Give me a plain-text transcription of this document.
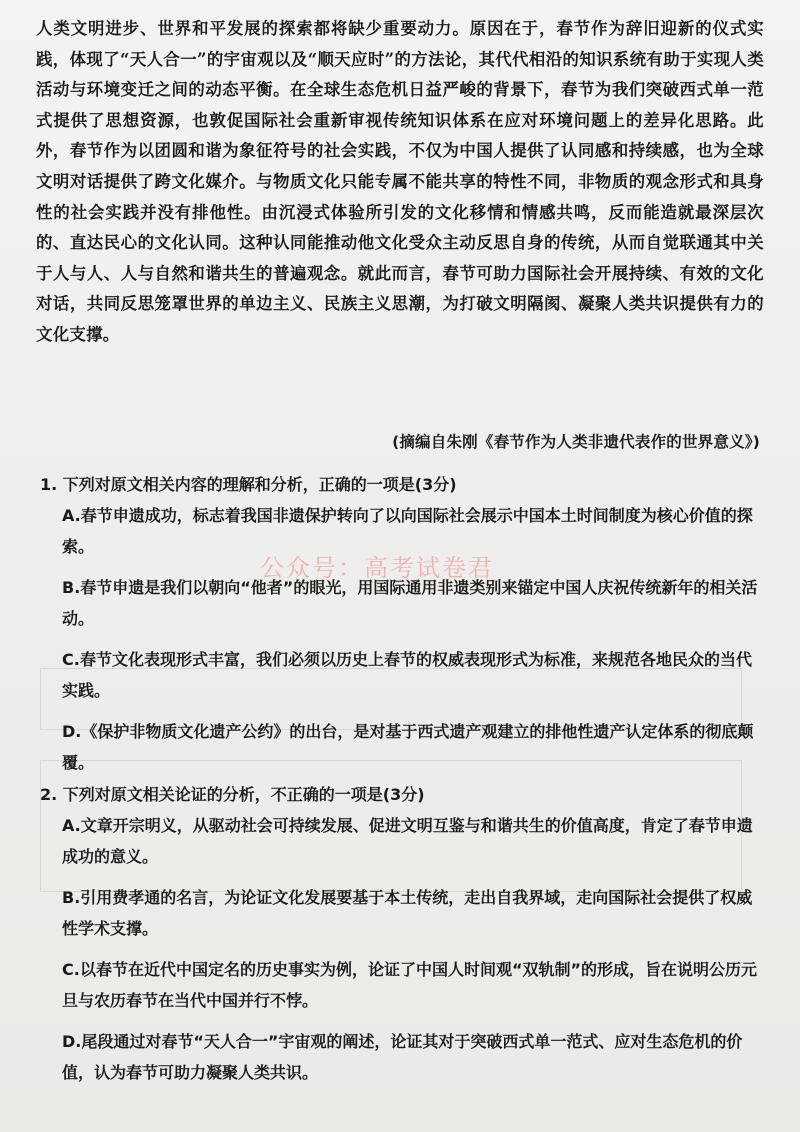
人类文明进步、世界和平发展的探索都将缺少重要动力。原因在于，春节作为辞旧迎新的仪式实践，体现了“天人合一”的宇宙观以及“顺天应时”的方法论，其代代相沿的知识系统有助于实现人类活动与环境变迁之间的动态平衡。在全球生态危机日益严峻的背景下，春节为我们突破西式单一范式提供了思想资源，也敦促国际社会重新审视传统知识体系在应对环境问题上的差异化思路。此外，春节作为以团圆和谐为象征符号的社会实践，不仅为中国人提供了认同感和持续感，也为全球文明对话提供了跨文化媒介。与物质文化只能专属不能共享的特性不同，非物质的观念形式和具身性的社会实践并没有排他性。由沉浸式体验所引发的文化移情和情感共鸣，反而能造就最深层次的、直达民心的文化认同。这种认同能推动他文化受众主动反思自身的传统，从而自觉联通其中关于人与人、人与自然和谐共生的普遍观念。就此而言，春节可助力国际社会开展持续、有效的文化对话，共同反思笼罩世界的单边主义、民族主义思潮，为打破文明隔阂、凝聚人类共识提供有力的文化支撑。
(摘编自朱刚《春节作为人类非遗代表作的世界意义》)
公众号：高考试卷君
1. 下列对原文相关内容的理解和分析，正确的一项是(3分)
A.春节申遗成功，标志着我国非遗保护转向了以向国际社会展示中国本土时间制度为核心价值的探索。
B.春节申遗是我们以朝向“他者”的眼光，用国际通用非遗类别来锚定中国人庆祝传统新年的相关活动。
C.春节文化表现形式丰富，我们必须以历史上春节的权威表现形式为标准，来规范各地民众的当代实践。
D.《保护非物质文化遗产公约》的出台，是对基于西式遗产观建立的排他性遗产认定体系的彻底颠覆。
2. 下列对原文相关论证的分析，不正确的一项是(3分)
A.文章开宗明义，从驱动社会可持续发展、促进文明互鉴与和谐共生的价值高度，肯定了春节申遗成功的意义。
B.引用费孝通的名言，为论证文化发展要基于本土传统，走出自我界域，走向国际社会提供了权威性学术支撑。
C.以春节在近代中国定名的历史事实为例，论证了中国人时间观“双轨制”的形成，旨在说明公历元旦与农历春节在当代中国并行不悖。
D.尾段通过对春节“天人合一”宇宙观的阐述，论证其对于突破西式单一范式、应对生态危机的价值，认为春节可助力凝聚人类共识。
